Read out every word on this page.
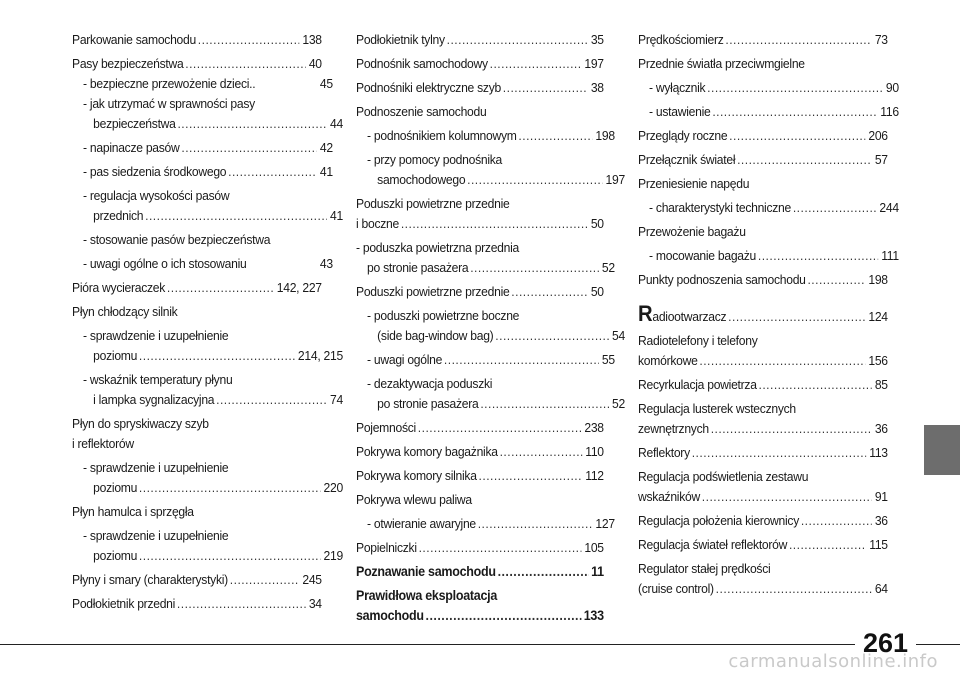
Parkowanie samochodu .....	138
Pasy bezpieczeństwa .....	40
- bezpieczne przewożenie dzieci..	45
- jak utrzymać w sprawności pasy
bezpieczeństwa .....	44
- napinacze pasów .....	42
- pas siedzenia środkowego .....	41
- regulacja wysokości pasów
przednich .....	41
- stosowanie pasów bezpieczeństwa
- uwagi ogólne o ich stosowaniu	43
Pióra wycieraczek .....	142, 227
Płyn chłodzący silnik
- sprawdzenie i uzupełnienie
poziomu .....	214, 215
- wskaźnik temperatury płynu
i lampka sygnalizacyjna .....	74
Płyn do spryskiwaczy szyb
i reflektorów
- sprawdzenie i uzupełnienie
poziomu .....	220
Płyn hamulca i sprzęgła
- sprawdzenie i uzupełnienie
poziomu .....	219
Płyny i smary (charakterystyki) .....	245
Podłokietnik przedni .....	34
Podłokietnik tylny .....	35
Podnośnik samochodowy .....	197
Podnośniki elektryczne szyb .....	38
Podnoszenie samochodu
- podnośnikiem kolumnowym .....	198
- przy pomocy podnośnika
samochodowego .....	197
Poduszki powietrzne przednie
i boczne .....	50
- poduszka powietrzna przednia
po stronie pasażera .....	52
Poduszki powietrzne przednie .....	50
- poduszki powietrzne boczne
(side bag-window bag) .....	54
- uwagi ogólne .....	55
- dezaktywacja poduszki
po stronie pasażera .....	52
Pojemności .....	238
Pokrywa komory bagażnika .....	110
Pokrywa komory silnika .....	112
Pokrywa wlewu paliwa
- otwieranie awaryjne .....	127
Popielniczki .....	105
Poznawanie samochodu .....	11
Prawidłowa eksploatacja
samochodu .....	133
Prędkościomierz .....	73
Przednie światła przeciwmgielne
- wyłącznik .....	90
- ustawienie .....	116
Przeglądy roczne .....	206
Przełącznik świateł .....	57
Przeniesienie napędu
- charakterystyki techniczne .....	244
Przewożenie bagażu
- mocowanie bagażu .....	111
Punkty podnoszenia samochodu .....	198
Radiootwarzacz .....	124
Radiotelefony i telefony
komórkowe .....	156
Recyrkulacja powietrza .....	85
Regulacja lusterek wstecznych
zewnętrznych .....	36
Reflektory .....	113
Regulacja podświetlenia zestawu
wskaźników .....	91
Regulacja położenia kierownicy .....	36
Regulacja świateł reflektorów .....	115
Regulator stałej prędkości
(cruise control) .....	64
261
carmanualsonline.info
